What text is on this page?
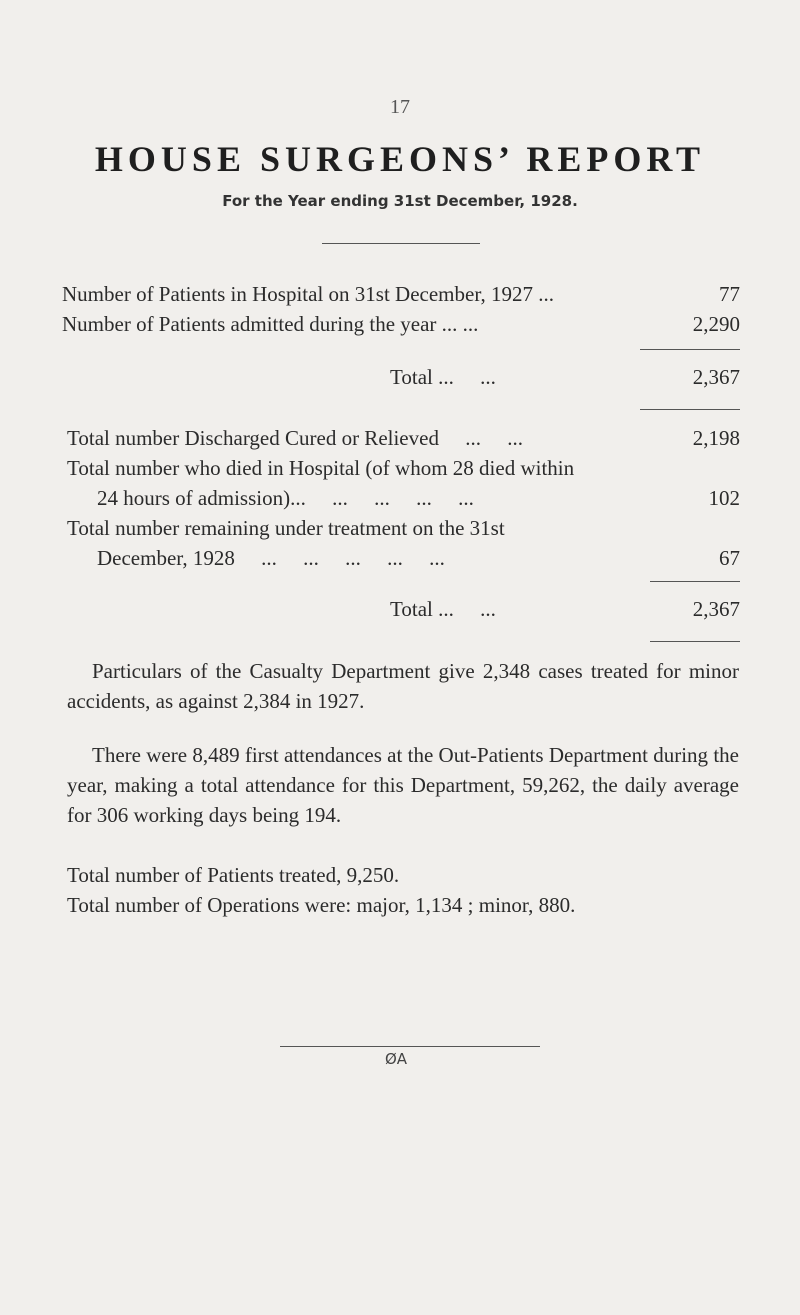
17
HOUSE SURGEONS’ REPORT
For the Year ending 31st December, 1928.
Number of Patients in Hospital on 31st December, 1927 ...	77
Number of Patients admitted during the year ... ...	2,290
Total ...     ...	2,367
Total number Discharged Cured or Relieved     ...     ...	2,198
Total number who died in Hospital (of whom 28 died within
24 hours of admission)...     ...     ...     ...     ...	102
Total number remaining under treatment on the 31st
December, 1928     ...     ...     ...     ...     ...	67
Total ...     ...	2,367
Particulars of the Casualty Department give 2,348 cases treated for minor accidents, as against 2,384 in 1927.
There were 8,489 first attendances at the Out-Patients Department during the year, making a total attendance for this Department, 59,262, the daily average for 306 working days being 194.
Total number of Patients treated, 9,250.
Total number of Operations were: major, 1,134 ; minor, 880.
ØA
